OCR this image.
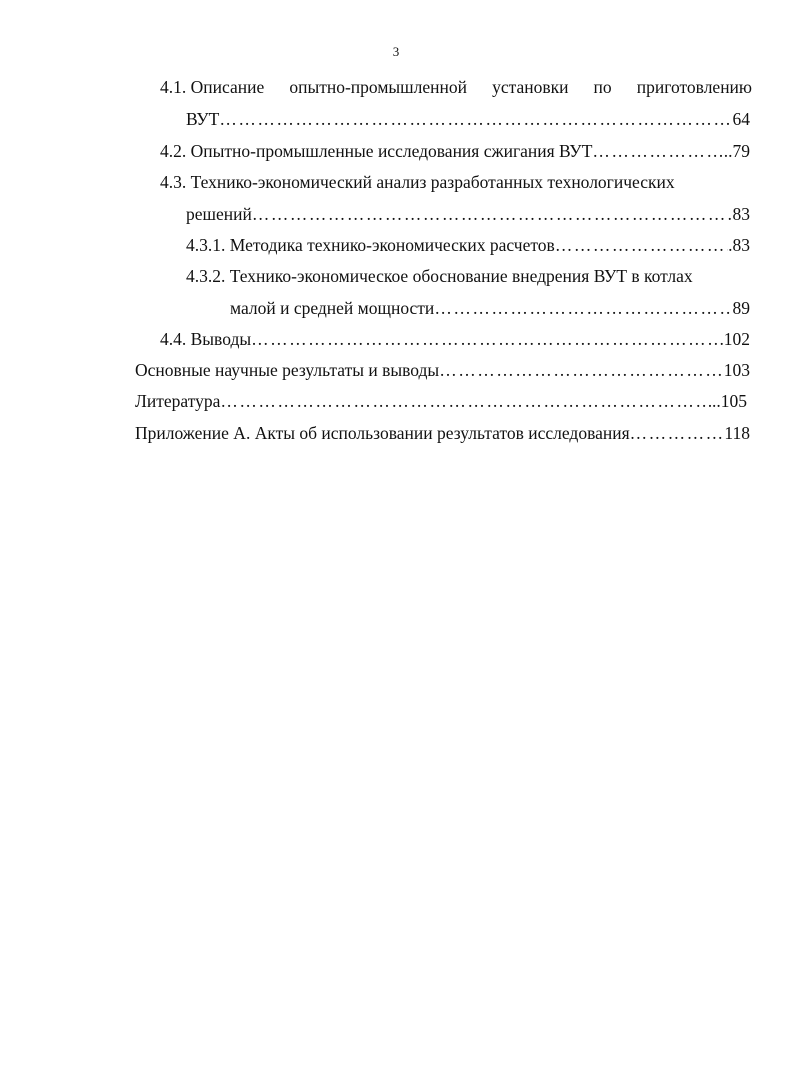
3
4.1. Описание опытно-промышленной установки по приготовлению
ВУТ ………………………………………………………………………………………………………………………………………………………………………………………………………………………………	64
4.2. Опытно-промышленные исследования сжигания ВУТ ………………………………………………………………………………………………………………………………………………………………………………………………………………………………	..79
4.3. Технико-экономический анализ разработанных технологических
решений ………………………………………………………………………………………………………………………………………………………………………………………………………………………………	83
4.3.1. Методика технико-экономических расчетов ………………………………………………………………………………………………………………………………………………………………………………………………………………………………	.83
4.3.2. Технико-экономическое обоснование внедрения ВУТ в котлах
малой и средней мощности ………………………………………………………………………………………………………………………………………………………………………………………………………………………………	89
4.4. Выводы ………………………………………………………………………………………………………………………………………………………………………………………………………………………………	102
Основные научные результаты и выводы ………………………………………………………………………………………………………………………………………………………………………………………………………………………………	103
Литература ………………………………………………………………………………………………………………………………………………………………………………………………………………………………	..105
Приложение А. Акты об использовании результатов исследования ………………………………………………………………………………………………………………………………………………………………………………………………………………………………	118
